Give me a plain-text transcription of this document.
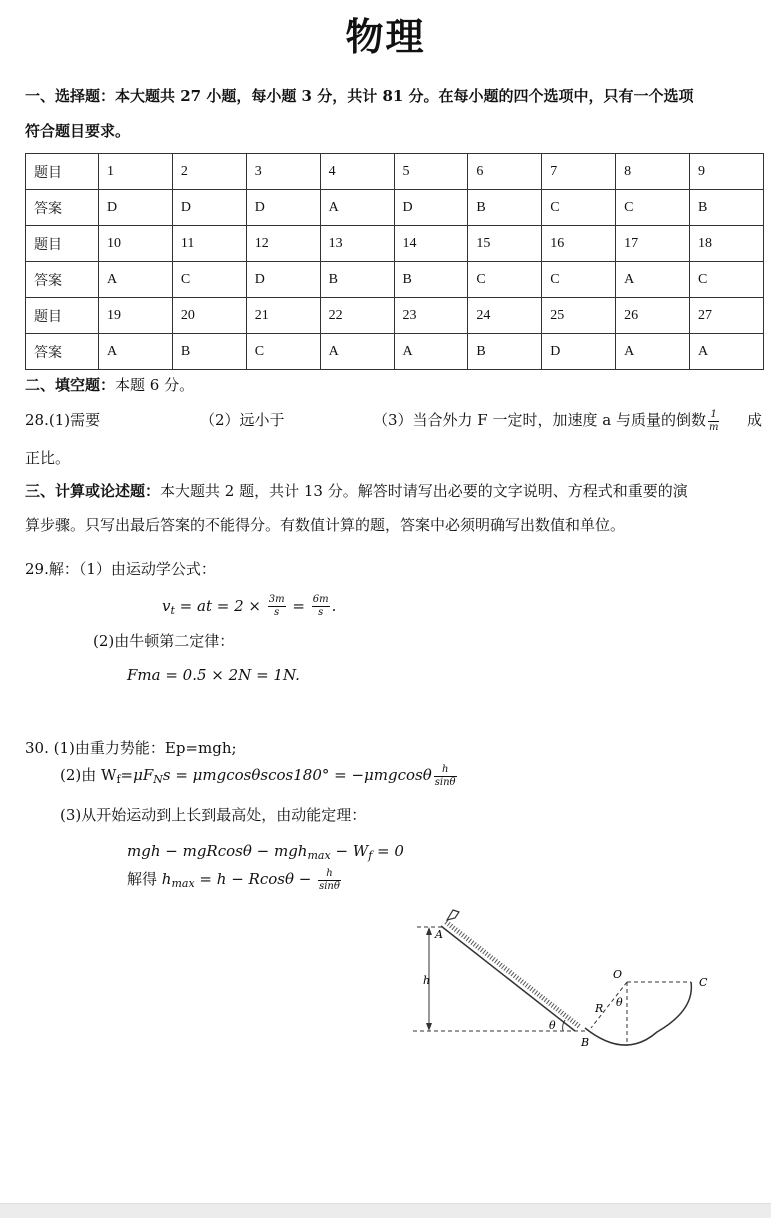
物理
一、选择题：本大题共 27 小题，每小题 3 分，共计 81 分。在每小题的四个选项中，只有一个选项
符合题目要求。
题目	1	2	3	4	5	6	7	8	9
答案	D	D	D	A	D	B	C	C	B
题目	10	11	12	13	14	15	16	17	18
答案	A	C	D	B	B	C	C	A	C
题目	19	20	21	22	23	24	25	26	27
答案	A	B	C	A	A	B	D	A	A
二、填空题：本题 6 分。
28.(1)需要	（2）远小于	（3）当合外力 F 一定时，加速度 a 与质量的倒数 $\frac{1}{m}$ 成
正比。
三、计算或论述题：本大题共 2 题，共计 13 分。解答时请写出必要的文字说明、方程式和重要的演
算步骤。只写出最后答案的不能得分。有数值计算的题，答案中必须明确写出数值和单位。
29.解：（1）由运动学公式：
$v_t$ = at = $2 \times \frac{3m}{s} = \frac{6m}{s}$ .
(2)由牛顿第二定律：
Fma = 0.5 × 2N = 1N.
30. (1)由重力势能：Ep=mgh;
(2)由 $W_f=\mu F_Ns = \mu mgcos\theta scos180^\circ = -\mu mgcos\theta \frac{h}{\sin\theta}$
(3)从开始运动到上长到最高处，由动能定理：
mgh − $mgRcos\theta - mgh_{max} - W_f = 0$
解得 $h_{max} = h - Rcos\theta - \frac{h}{\sin\theta}$
h
A
θ
B
O
R θ
C
